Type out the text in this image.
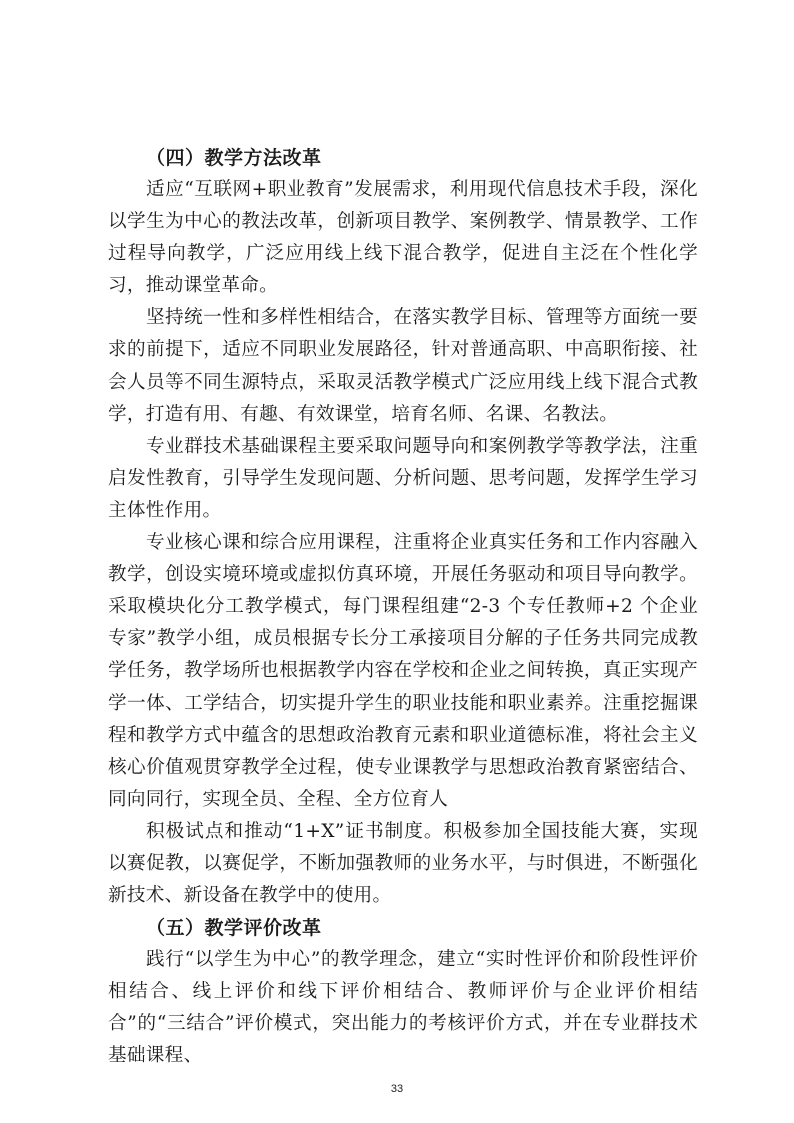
（四）教学方法改革

适应“互联网+职业教育”发展需求，利用现代信息技术手段，深化以学生为中心的教法改革，创新项目教学、案例教学、情景教学、工作过程导向教学，广泛应用线上线下混合教学，促进自主泛在个性化学习，推动课堂革命。

坚持统一性和多样性相结合，在落实教学目标、管理等方面统一要求的前提下，适应不同职业发展路径，针对普通高职、中高职衔接、社会人员等不同生源特点，采取灵活教学模式广泛应用线上线下混合式教学，打造有用、有趣、有效课堂，培育名师、名课、名教法。

专业群技术基础课程主要采取问题导向和案例教学等教学法，注重启发性教育，引导学生发现问题、分析问题、思考问题，发挥学生学习主体性作用。

专业核心课和综合应用课程，注重将企业真实任务和工作内容融入教学，创设实境环境或虚拟仿真环境，开展任务驱动和项目导向教学。采取模块化分工教学模式，每门课程组建“2-3 个专任教师+2 个企业专家”教学小组，成员根据专长分工承接项目分解的子任务共同完成教学任务，教学场所也根据教学内容在学校和企业之间转换，真正实现产学一体、工学结合，切实提升学生的职业技能和职业素养。注重挖掘课程和教学方式中蕴含的思想政治教育元素和职业道德标准，将社会主义核心价值观贯穿教学全过程，使专业课教学与思想政治教育紧密结合、同向同行，实现全员、全程、全方位育人

积极试点和推动“1+X”证书制度。积极参加全国技能大赛，实现以赛促教，以赛促学，不断加强教师的业务水平，与时俱进，不断强化新技术、新设备在教学中的使用。

（五）教学评价改革

践行“以学生为中心”的教学理念，建立“实时性评价和阶段性评价相结合、线上评价和线下评价相结合、教师评价与企业评价相结合”的“三结合”评价模式，突出能力的考核评价方式，并在专业群技术基础课程、

33
